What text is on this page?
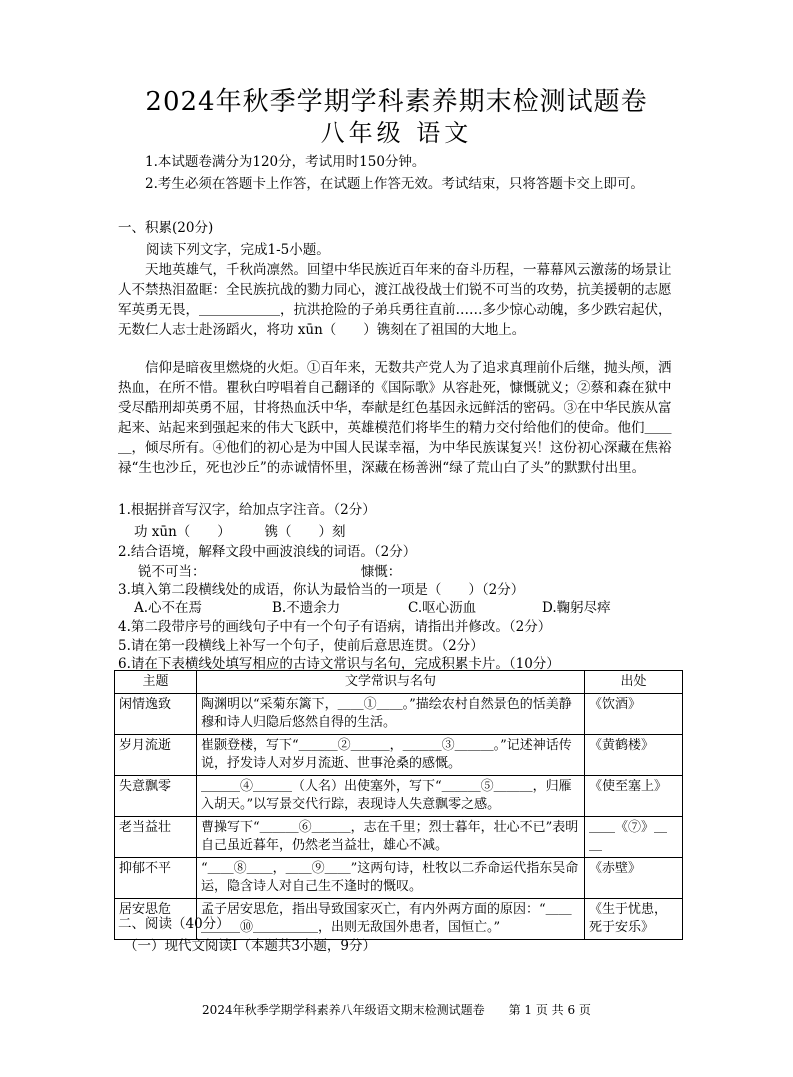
2024年秋季学期学科素养期末检测试题卷
八年级 语文
1.本试题卷满分为120分，考试用时150分钟。
2.考生必须在答题卡上作答，在试题上作答无效。考试结束，只将答题卡交上即可。
一、积累(20分)
阅读下列文字，完成1-5小题。
天地英雄气，千秋尚凛然。回望中华民族近百年来的奋斗历程，一幕幕风云激荡的场景让人不禁热泪盈眶：全民族抗战的勠力同心，渡江战役战士们锐不可当的攻势，抗美援朝的志愿军英勇无畏，＿＿＿＿＿＿，抗洪抢险的子弟兵勇往直前……多少惊心动魄，多少跌宕起伏，无数仁人志士赴汤蹈火，将功 xūn（　　）镌刻在了祖国的大地上。
信仰是暗夜里燃烧的火炬。①百年来，无数共产党人为了追求真理前仆后继，抛头颅，洒热血，在所不惜。瞿秋白哼唱着自己翻译的《国际歌》从容赴死，慷慨就义；②蔡和森在狱中受尽酷刑却英勇不屈，甘将热血沃中华，奉献是红色基因永远鲜活的密码。③在中华民族从富起来、站起来到强起来的伟大飞跃中，英雄模范们将毕生的精力交付给他们的使命。他们＿＿＿，倾尽所有。④他们的初心是为中国人民谋幸福，为中华民族谋复兴！这份初心深藏在焦裕禄“生也沙丘，死也沙丘”的赤诚情怀里，深藏在杨善洲“绿了荒山白了头”的默默付出里。
1.根据拼音写汉字，给加点字注音。（2分）
功 xūn（　　）　　　镌（　　）刻
2.结合语境，解释文段中画波浪线的词语。（2分）
锐不可当：　　　　　　　　　　　　慷慨：
3.填入第二段横线处的成语，你认为最恰当的一项是（　　）（2分）
A.心不在焉	B.不遗余力	C.呕心沥血	D.鞠躬尽瘁
4.第二段带序号的画线句子中有一个句子有语病，请指出并修改。（2分）
5.请在第一段横线上补写一个句子，使前后意思连贯。（2分）
6.请在下表横线处填写相应的古诗文常识与名句，完成积累卡片。（10分）
主题	文学常识与名句	出处
闲情逸致	陶渊明以“采菊东篱下，＿＿①＿＿。”描绘农村自然景色的恬美静穆和诗人归隐后悠然自得的生活。	《饮酒》
岁月流逝	崔颢登楼，写下“＿＿＿②＿＿＿，＿＿＿③＿＿＿。”记述神话传说，抒发诗人对岁月流逝、世事沧桑的感慨。	《黄鹤楼》
失意飘零	＿＿＿④＿＿＿（人名）出使塞外，写下“＿＿＿⑤＿＿＿，归雁入胡天。”以写景交代行踪，表现诗人失意飘零之感。	《使至塞上》
老当益壮	曹操写下“＿＿＿⑥＿＿＿，志在千里；烈士暮年，壮心不已”表明自己虽近暮年，仍然老当益壮，雄心不减。	＿＿《⑦》＿＿
抑郁不平	“＿＿⑧＿＿，＿＿⑨＿＿”这两句诗，杜牧以二乔命运代指东吴命运，隐含诗人对自己生不逢时的慨叹。	《赤壁》
居安思危	孟子居安思危，指出导致国家灭亡，有内外两方面的原因：“＿＿＿＿＿⑩＿＿＿＿＿，出则无敌国外患者，国恒亡。”	《生于忧患，死于安乐》
二、阅读（40分）
（一）现代文阅读Ⅰ（本题共3小题，9分）
2024年秋季学期学科素养八年级语文期末检测试题卷　　第 1 页 共 6 页
